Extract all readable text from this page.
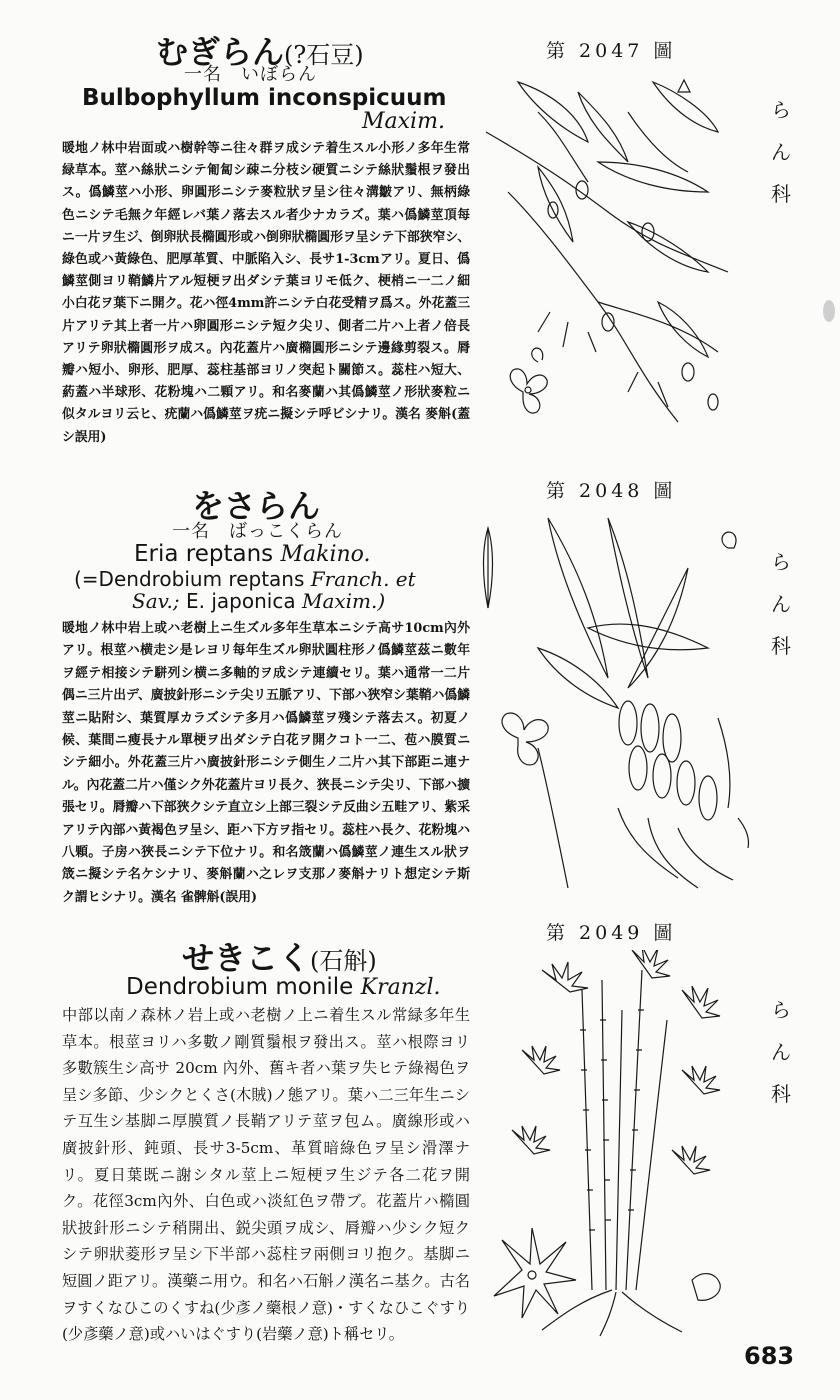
むぎらん(?石豆)
一名　いぼらん
Bulbophyllum inconspicuum
Maxim.
暖地ノ林中岩面或ハ樹幹等ニ往々群ヲ成シテ着生スル小形ノ多年生常緑草本。莖ハ絲狀ニシテ匍匐シ疎ニ分枝シ硬質ニシテ絲狀鬚根ヲ發出ス。僞鱗莖ハ小形、卵圓形ニシテ麥粒狀ヲ呈シ往々溝皺アリ、無柄綠色ニシテ毛無ク年經レバ葉ノ落去スル者少ナカラズ。葉ハ僞鱗莖頂每ニ一片ヲ生ジ、倒卵狀長橢圓形或ハ倒卵狀橢圓形ヲ呈シテ下部狹窄シ、綠色或ハ黃綠色、肥厚革質、中脈陷入シ、長サ1-3cmアリ。夏日、僞鱗莖側ヨリ鞘鱗片アル短梗ヲ出ダシテ葉ヨリモ低ク、梗梢ニ一二ノ細小白花ヲ葉下ニ開ク。花ハ徑4mm許ニシテ白花受精ヲ爲ス。外花蓋三片アリテ其上者一片ハ卵圓形ニシテ短ク尖リ、側者二片ハ上者ノ倍長アリテ卵狀橢圓形ヲ成ス。內花蓋片ハ廣橢圓形ニシテ邊緣剪裂ス。脣瓣ハ短小、卵形、肥厚、蕊柱基部ヨリノ突起ト關節ス。蕊柱ハ短大、葯蓋ハ半球形、花粉塊ハ二顆アリ。和名麥蘭ハ其僞鱗莖ノ形狀麥粒ニ似タルヨリ云ヒ、疣蘭ハ僞鱗莖ヲ疣ニ擬シテ呼ビシナリ。漢名 麥斛(蓋シ誤用)
第 2047 圖
ら
ん
科
をさらん
一名　ばっこくらん
Eria reptans Makino.
(=Dendrobium reptans Franch. et
Sav.; E. japonica Maxim.)
暖地ノ林中岩上或ハ老樹上ニ生ズル多年生草本ニシテ高サ10cm內外アリ。根莖ハ横走シ是レヨリ每年生ズル卵狀圓柱形ノ僞鱗莖茲ニ數年ヲ經テ相接シテ駢列シ横ニ多軸的ヲ成シテ連續セリ。葉ハ通常一二片偶ニ三片出デ、廣披針形ニシテ尖リ五脈アリ、下部ハ狹窄シ葉鞘ハ僞鱗莖ニ貼附シ、葉質厚カラズシテ多月ハ僞鱗莖ヲ殘シテ落去ス。初夏ノ候、葉間ニ瘦長ナル單梗ヲ出ダシテ白花ヲ開クコト一二、苞ハ膜質ニシテ細小。外花蓋三片ハ廣披針形ニシテ側生ノ二片ハ其下部距ニ連ナル。內花蓋二片ハ僅シク外花蓋片ヨリ長ク、狹長ニシテ尖リ、下部ハ擴張セリ。脣瓣ハ下部狹クシテ直立シ上部三裂シテ反曲シ五畦アリ、紫采アリテ內部ハ黃褐色ヲ呈シ、距ハ下方ヲ指セリ。蕊柱ハ長ク、花粉塊ハ八顆。子房ハ狹長ニシテ下位ナリ。和名筬蘭ハ僞鱗莖ノ連生スル狀ヲ筬ニ擬シテ名ケシナリ、麥斛蘭ハ之レヲ支那ノ麥斛ナリト想定シテ斯ク謂ヒシナリ。漢名 雀髀斛(誤用)
第 2048 圖
ら
ん
科
せきこく(石斛)
Dendrobium monile Kranzl.
中部以南ノ森林ノ岩上或ハ老樹ノ上ニ着生スル常緑多年生草本。根莖ヨリハ多數ノ剛質鬚根ヲ發出ス。莖ハ根際ヨリ多數簇生シ高サ 20cm 內外、舊キ者ハ葉ヲ失ヒテ綠褐色ヲ呈シ多節、少シクとくさ(木賊)ノ態アリ。葉ハ二三年生ニシテ互生シ基脚ニ厚膜質ノ長鞘アリテ莖ヲ包ム。廣線形或ハ廣披針形、鈍頭、長サ3-5cm、革質暗綠色ヲ呈シ滑澤ナリ。夏日葉既ニ謝シタル莖上ニ短梗ヲ生ジテ各二花ヲ開ク。花徑3cm內外、白色或ハ淡紅色ヲ帶ブ。花蓋片ハ橢圓狀披針形ニシテ稍開出、鋭尖頭ヲ成シ、脣瓣ハ少シク短クシテ卵狀菱形ヲ呈シ下半部ハ蕊柱ヲ兩側ヨリ抱ク。基脚ニ短圓ノ距アリ。漢藥ニ用ウ。和名ハ石斛ノ漢名ニ基ク。古名ヲすくなひこのくすね(少彥ノ藥根ノ意)・すくなひこぐすり(少彥藥ノ意)或ハいはぐすり(岩藥ノ意)ト稱セリ。
第 2049 圖
ら
ん
科
683
